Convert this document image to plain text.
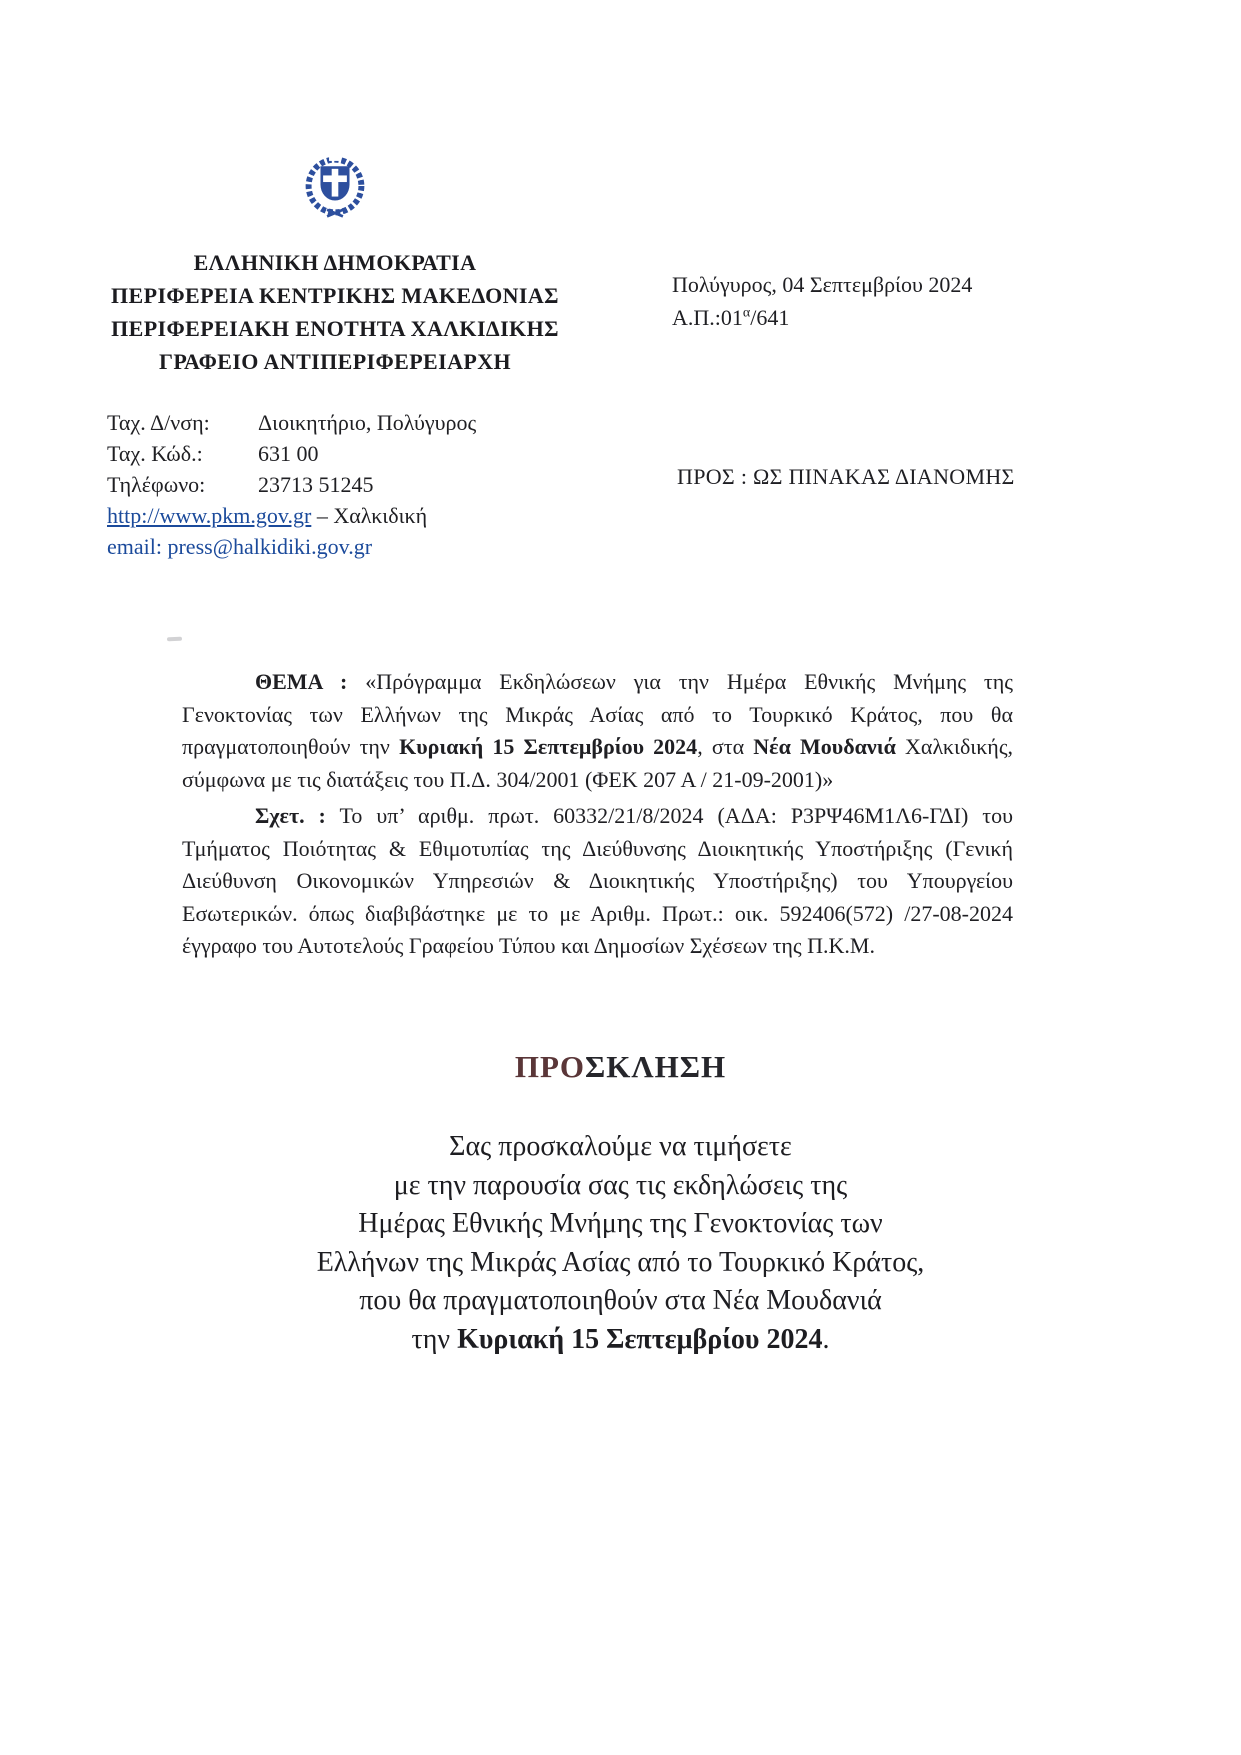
ΕΛΛΗΝΙΚΗ ΔΗΜΟΚΡΑΤΙΑ
ΠΕΡΙΦΕΡΕΙΑ ΚΕΝΤΡΙΚΗΣ ΜΑΚΕΔΟΝΙΑΣ
ΠΕΡΙΦΕΡΕΙΑΚΗ ΕΝΟΤΗΤΑ ΧΑΛΚΙΔΙΚΗΣ
ΓΡΑΦΕΙΟ ΑΝΤΙΠΕΡΙΦΕΡΕΙΑΡΧΗ
Πολύγυρος, 04 Σεπτεμβρίου 2024
$A.\Pi.:01^\alpha/641$
Ταχ. Δ/νση:	Διοικητήριο, Πολύγυρος
Ταχ. Κώδ.:	631 00
Τηλέφωνο:	23713 51245
http://www.pkm.gov.gr – Χαλκιδική
email: press@halkidiki.gov.gr
ΠΡΟΣ : ΩΣ ΠΙΝΑΚΑΣ ΔΙΑΝΟΜΗΣ

ΘΕΜΑ : «Πρόγραμμα Εκδηλώσεων για την Ημέρα Εθνικής Μνήμης της Γενοκτονίας των Ελλήνων της Μικράς Ασίας από το Τουρκικό Κράτος, που θα πραγματοποιηθούν την Κυριακή 15 Σεπτεμβρίου 2024, στα Νέα Μουδανιά Χαλκιδικής, σύμφωνα με τις διατάξεις του Π.Δ. 304/2001 (ΦΕΚ 207 Α / 21-09-2001)»

Σχετ. : Το υπ’ αριθμ. πρωτ. 60332/21/8/2024 (ΑΔΑ: Ρ3ΡΨ46Μ1Λ6-ΓΔΙ) του Τμήματος Ποιότητας & Εθιμοτυπίας της Διεύθυνσης Διοικητικής Υποστήριξης (Γενική Διεύθυνση Οικονομικών Υπηρεσιών & Διοικητικής Υποστήριξης) του Υπουργείου Εσωτερικών. όπως διαβιβάστηκε με το με Αριθμ. Πρωτ.: οικ. 592406(572) /27-08-2024 έγγραφο του Αυτοτελούς Γραφείου Τύπου και Δημοσίων Σχέσεων της Π.Κ.Μ.

ΠΡΟΣΚΛΗΣΗ
Σας προσκαλούμε να τιμήσετε
με την παρουσία σας τις εκδηλώσεις της
Ημέρας Εθνικής Μνήμης της Γενοκτονίας των
Ελλήνων της Μικράς Ασίας από το Τουρκικό Κράτος,
που θα πραγματοποιηθούν στα Νέα Μουδανιά
την Κυριακή 15 Σεπτεμβρίου 2024.
